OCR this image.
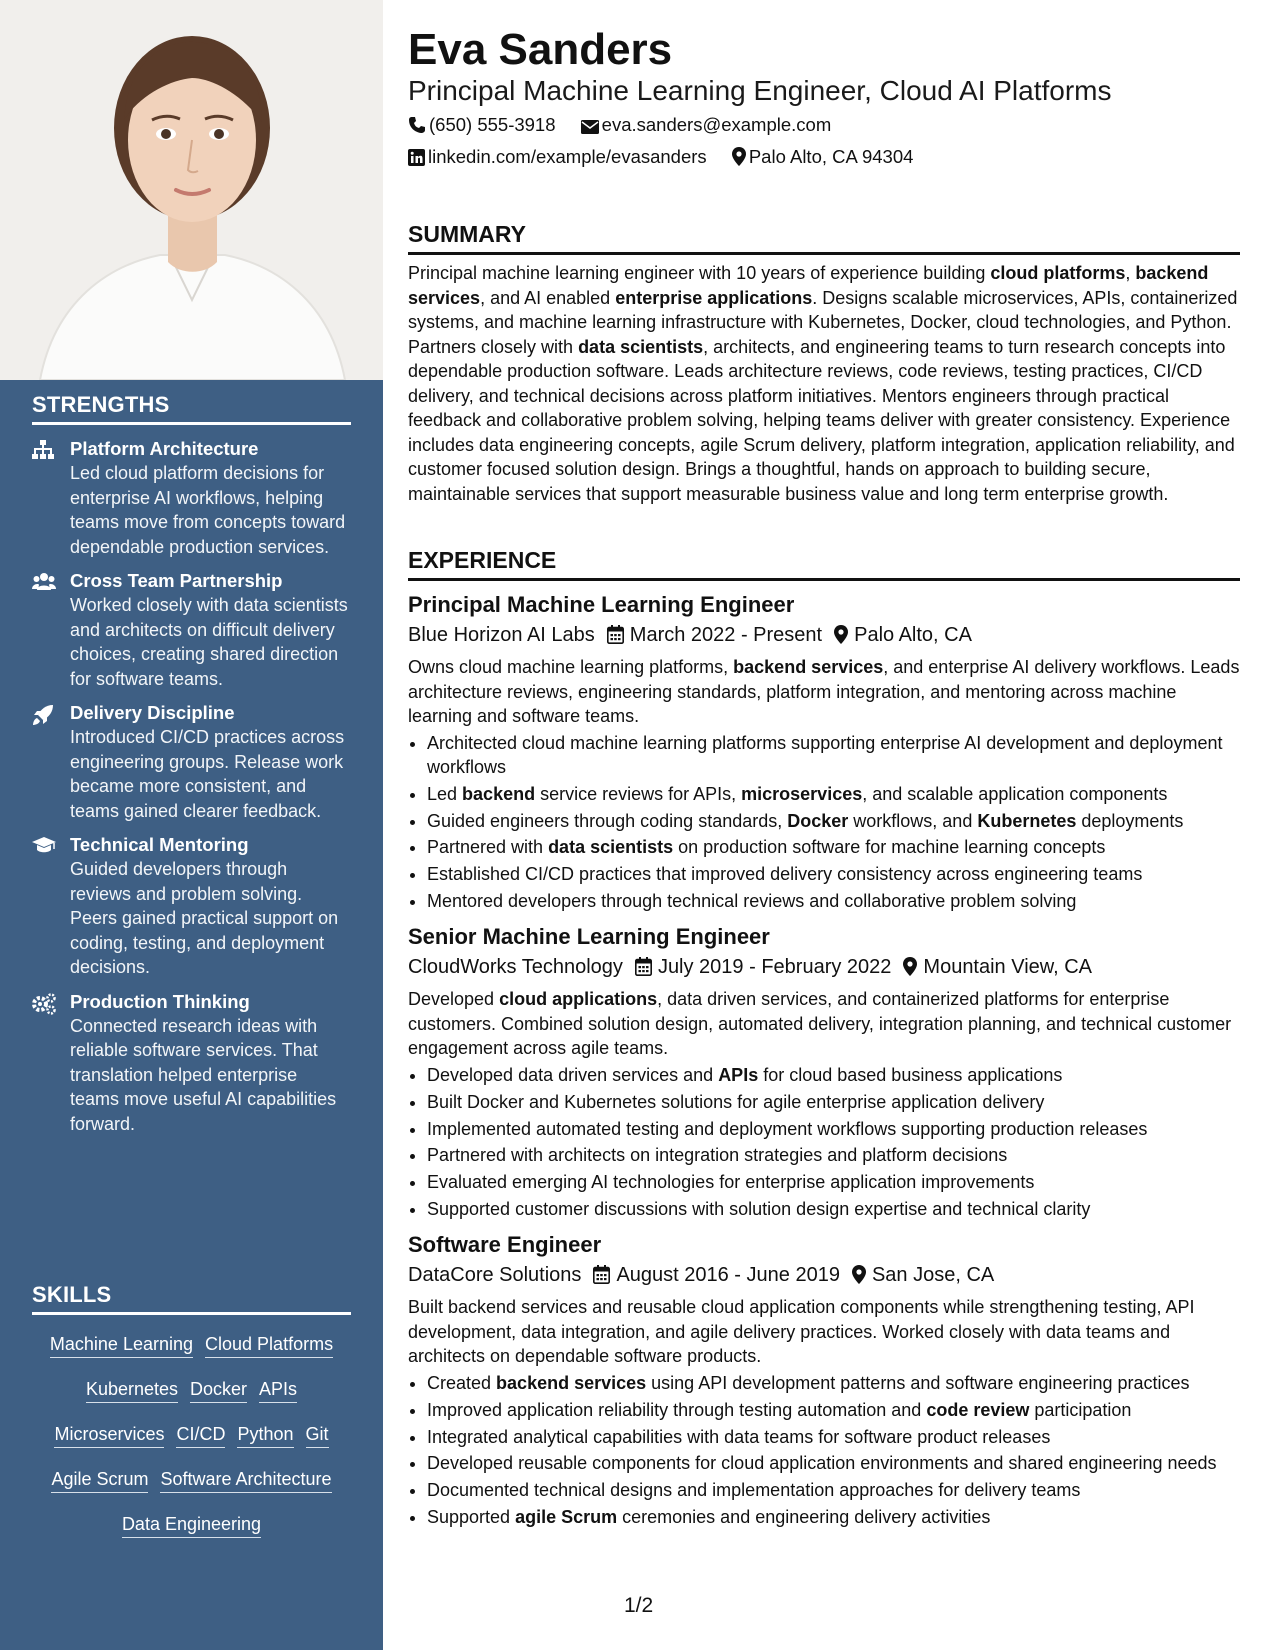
STRENGTHS
Platform Architecture
Led cloud platform decisions for enterprise AI workflows, helping teams move from concepts toward dependable production services.
Cross Team Partnership
Worked closely with data scientists and architects on difficult delivery choices, creating shared direction for software teams.
Delivery Discipline
Introduced CI/CD practices across engineering groups. Release work became more consistent, and teams gained clearer feedback.
Technical Mentoring
Guided developers through reviews and problem solving. Peers gained practical support on coding, testing, and deployment decisions.
Production Thinking
Connected research ideas with reliable software services. That translation helped enterprise teams move useful AI capabilities forward.
SKILLS
Machine Learning Cloud Platforms
Kubernetes Docker APIs
Microservices CI/CD Python Git
Agile Scrum Software Architecture
Data Engineering
Eva Sanders
Principal Machine Learning Engineer, Cloud AI Platforms
(650) 555-3918 eva.sanders@example.com
linkedin.com/example/evasanders Palo Alto, CA 94304
SUMMARY

Principal machine learning engineer with 10 years of experience building cloud platforms, backend services, and AI enabled enterprise applications. Designs scalable microservices, APIs, containerized systems, and machine learning infrastructure with Kubernetes, Docker, cloud technologies, and Python. Partners closely with data scientists, architects, and engineering teams to turn research concepts into dependable production software. Leads architecture reviews, code reviews, testing practices, CI/CD delivery, and technical decisions across platform initiatives. Mentors engineers through practical feedback and collaborative problem solving, helping teams deliver with greater consistency. Experience includes data engineering concepts, agile Scrum delivery, platform integration, application reliability, and customer focused solution design. Brings a thoughtful, hands on approach to building secure, maintainable services that support measurable business value and long term enterprise growth.

EXPERIENCE
Principal Machine Learning Engineer
Blue Horizon AI Labs March 2022 - Present Palo Alto, CA

Owns cloud machine learning platforms, backend services, and enterprise AI delivery workflows. Leads architecture reviews, engineering standards, platform integration, and mentoring across machine learning and software teams.

• Architected cloud machine learning platforms supporting enterprise AI development and deployment workflows
• Led backend service reviews for APIs, microservices, and scalable application components
• Guided engineers through coding standards, Docker workflows, and Kubernetes deployments
• Partnered with data scientists on production software for machine learning concepts
• Established CI/CD practices that improved delivery consistency across engineering teams
• Mentored developers through technical reviews and collaborative problem solving
Senior Machine Learning Engineer
CloudWorks Technology July 2019 - February 2022 Mountain View, CA

Developed cloud applications, data driven services, and containerized platforms for enterprise customers. Combined solution design, automated delivery, integration planning, and technical customer engagement across agile teams.

• Developed data driven services and APIs for cloud based business applications
• Built Docker and Kubernetes solutions for agile enterprise application delivery
• Implemented automated testing and deployment workflows supporting production releases
• Partnered with architects on integration strategies and platform decisions
• Evaluated emerging AI technologies for enterprise application improvements
• Supported customer discussions with solution design expertise and technical clarity
Software Engineer
DataCore Solutions August 2016 - June 2019 San Jose, CA

Built backend services and reusable cloud application components while strengthening testing, API development, data integration, and agile delivery practices. Worked closely with data teams and architects on dependable software products.

• Created backend services using API development patterns and software engineering practices
• Improved application reliability through testing automation and code review participation
• Integrated analytical capabilities with data teams for software product releases
• Developed reusable components for cloud application environments and shared engineering needs
• Documented technical designs and implementation approaches for delivery teams
• Supported agile Scrum ceremonies and engineering delivery activities
1/2
